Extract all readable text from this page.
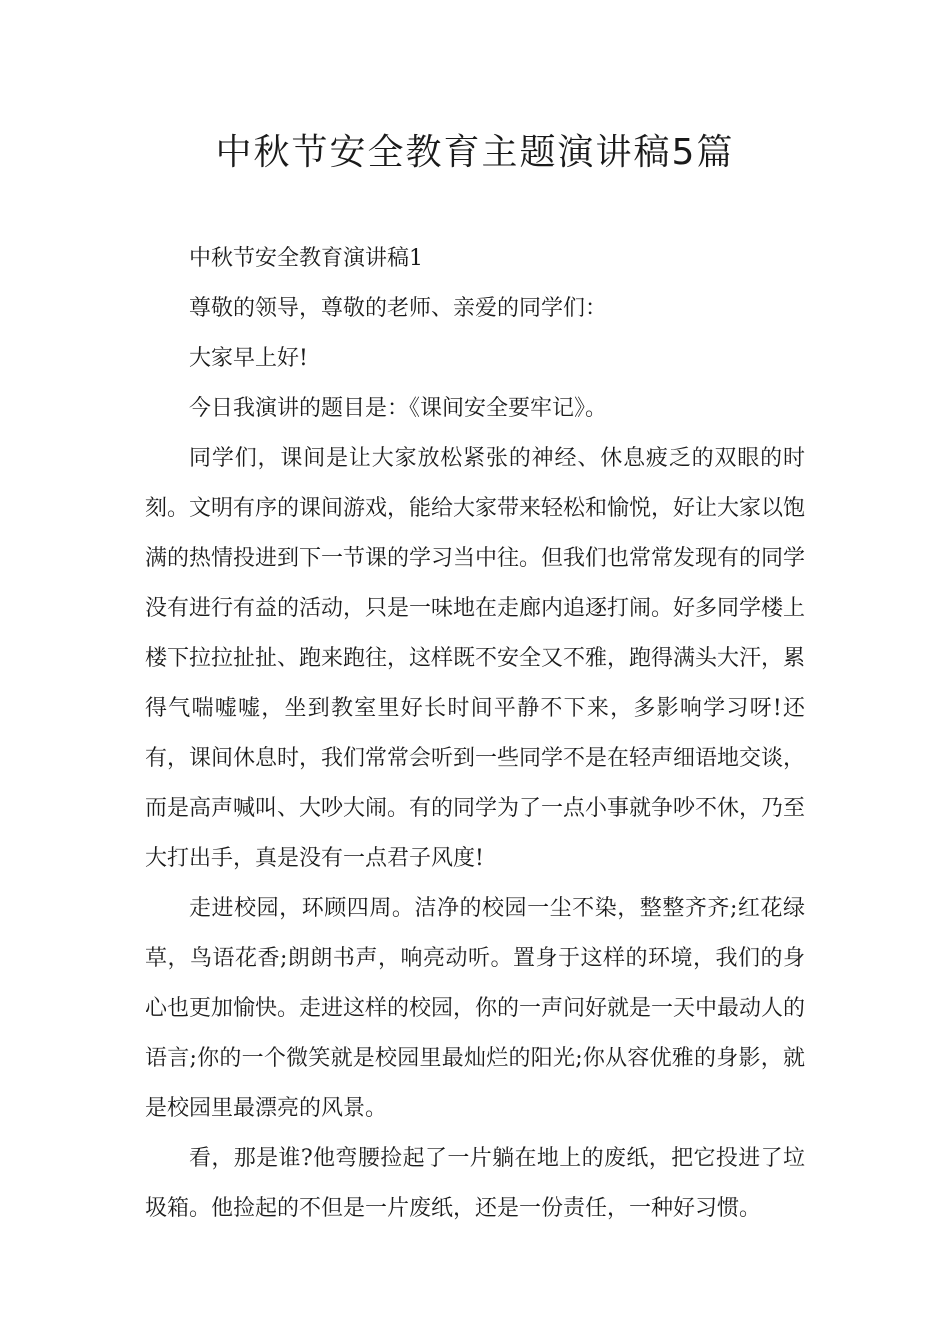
中秋节安全教育主题演讲稿5篇

中秋节安全教育演讲稿1

尊敬的领导，尊敬的老师、亲爱的同学们：

大家早上好!

今日我演讲的题目是：《课间安全要牢记》。

同学们，课间是让大家放松紧张的神经、休息疲乏的双眼的时刻。文明有序的课间游戏，能给大家带来轻松和愉悦，好让大家以饱满的热情投进到下一节课的学习当中往。但我们也常常发现有的同学没有进行有益的活动，只是一味地在走廊内追逐打闹。好多同学楼上楼下拉拉扯扯、跑来跑往，这样既不安全又不雅，跑得满头大汗，累得气喘嘘嘘，坐到教室里好长时间平静不下来，多影响学习呀!还有，课间休息时，我们常常会听到一些同学不是在轻声细语地交谈，而是高声喊叫、大吵大闹。有的同学为了一点小事就争吵不休，乃至大打出手，真是没有一点君子风度!

走进校园，环顾四周。洁净的校园一尘不染，整整齐齐;红花绿草，鸟语花香;朗朗书声，响亮动听。置身于这样的环境，我们的身心也更加愉快。走进这样的校园，你的一声问好就是一天中最动人的语言;你的一个微笑就是校园里最灿烂的阳光;你从容优雅的身影，就是校园里最漂亮的风景。

看，那是谁?他弯腰捡起了一片躺在地上的废纸，把它投进了垃圾箱。他捡起的不但是一片废纸，还是一份责任，一种好习惯。
